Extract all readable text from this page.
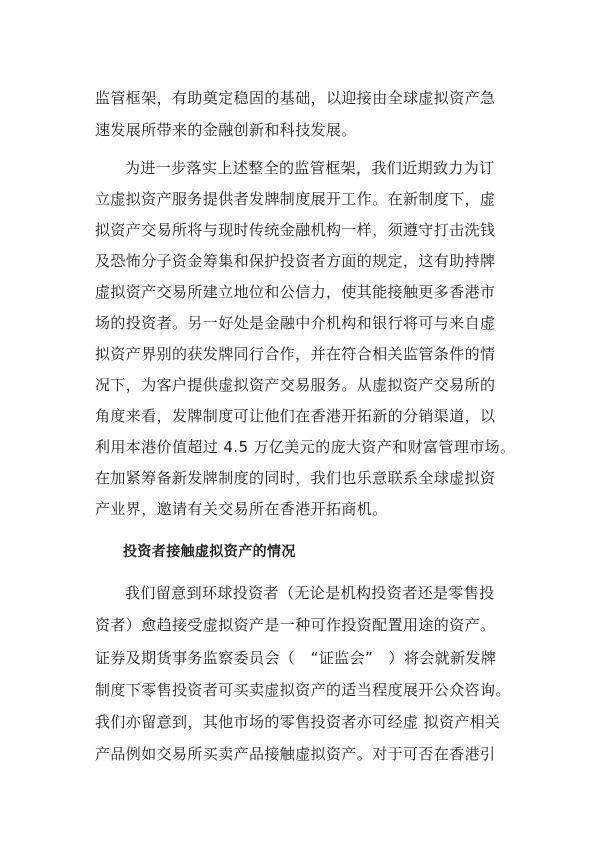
监管框架，有助奠定稳固的基础，以迎接由全球虚拟资产急
速发展所带来的金融创新和科技发展。
为进一步落实上述整全的监管框架，我们近期致力为订
立虚拟资产服务提供者发牌制度展开工作。在新制度下，虚
拟资产交易所将与现时传统金融机构一样，须遵守打击洗钱
及恐怖分子资金筹集和保护投资者方面的规定，这有助持牌
虚拟资产交易所建立地位和公信力，使其能接触更多香港市
场的投资者。另一好处是金融中介机构和银行将可与来自虚
拟资产界别的获发牌同行合作，并在符合相关监管条件的情
况下，为客户提供虚拟资产交易服务。从虚拟资产交易所的
角度来看，发牌制度可让他们在香港开拓新的分销渠道，以
利用本港价值超过 4.5 万亿美元的庞大资产和财富管理市场。
在加紧筹备新发牌制度的同时，我们也乐意联系全球虚拟资
产业界，邀请有关交易所在香港开拓商机。
投资者接触虚拟资产的情况
我们留意到环球投资者（无论是机构投资者还是零售投
资者）愈趋接受虚拟资产是一种可作投资配置用途的资产。
证券及期货事务监察委员会（　“证监会”　）将会就新发牌
制度下零售投资者可买卖虚拟资产的适当程度展开公众咨询。
我们亦留意到，其他市场的零售投资者亦可经虚 拟资产相关
产品例如交易所买卖产品接触虚拟资产。对于可否在香港引
